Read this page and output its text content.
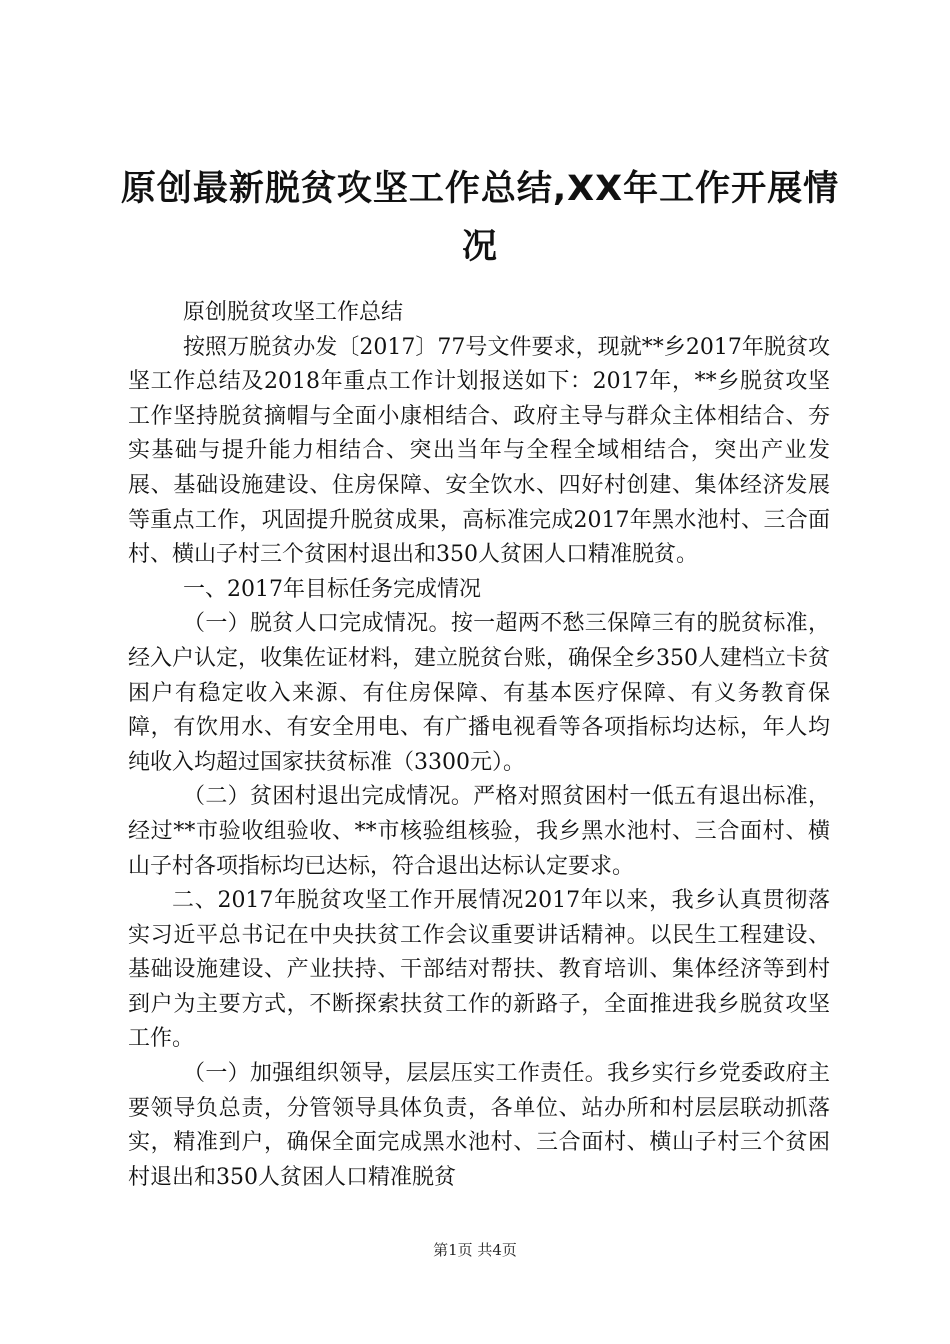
原创最新脱贫攻坚工作总结,XX年工作开展情况

原创脱贫攻坚工作总结

按照万脱贫办发〔2017〕77号文件要求，现就**乡2017年脱贫攻坚工作总结及2018年重点工作计划报送如下：2017年，**乡脱贫攻坚工作坚持脱贫摘帽与全面小康相结合、政府主导与群众主体相结合、夯实基础与提升能力相结合、突出当年与全程全域相结合，突出产业发展、基础设施建设、住房保障、安全饮水、四好村创建、集体经济发展等重点工作，巩固提升脱贫成果，高标准完成2017年黑水池村、三合面村、横山子村三个贫困村退出和350人贫困人口精准脱贫。

一、2017年目标任务完成情况

（一）脱贫人口完成情况。按一超两不愁三保障三有的脱贫标准，经入户认定，收集佐证材料，建立脱贫台账，确保全乡350人建档立卡贫困户有稳定收入来源、有住房保障、有基本医疗保障、有义务教育保障，有饮用水、有安全用电、有广播电视看等各项指标均达标，年人均纯收入均超过国家扶贫标准（3300元）。

（二）贫困村退出完成情况。严格对照贫困村一低五有退出标准，经过**市验收组验收、**市核验组核验，我乡黑水池村、三合面村、横山子村各项指标均已达标，符合退出达标认定要求。

二、2017年脱贫攻坚工作开展情况2017年以来，我乡认真贯彻落实习近平总书记在中央扶贫工作会议重要讲话精神。以民生工程建设、基础设施建设、产业扶持、干部结对帮扶、教育培训、集体经济等到村到户为主要方式，不断探索扶贫工作的新路子，全面推进我乡脱贫攻坚工作。

（一）加强组织领导，层层压实工作责任。我乡实行乡党委政府主要领导负总责，分管领导具体负责，各单位、站办所和村层层联动抓落实，精准到户，确保全面完成黑水池村、三合面村、横山子村三个贫困村退出和350人贫困人口精准脱贫

第1页 共4页
